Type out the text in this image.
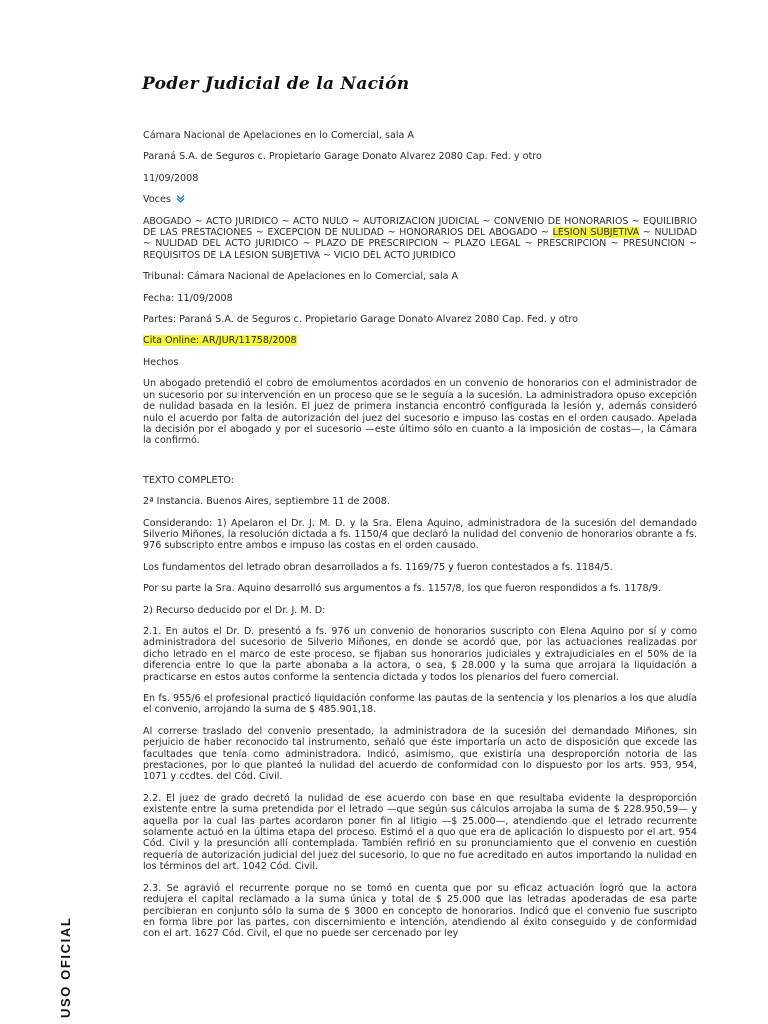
USO OFICIAL
Poder Judicial de la Nación

Cámara Nacional de Apelaciones en lo Comercial, sala A

Paraná S.A. de Seguros c. Propietario Garage Donato Alvarez 2080 Cap. Fed. y otro

11/09/2008

Voces

ABOGADO ~ ACTO JURIDICO ~ ACTO NULO ~ AUTORIZACION JUDICIAL ~ CONVENIO DE HONORARIOS ~ EQUILIBRIO DE LAS PRESTACIONES ~ EXCEPCION DE NULIDAD ~ HONORARIOS DEL ABOGADO ~ LESION SUBJETIVA ~ NULIDAD ~ NULIDAD DEL ACTO JURIDICO ~ PLAZO DE PRESCRIPCION ~ PLAZO LEGAL ~ PRESCRIPCION ~ PRESUNCION ~ REQUISITOS DE LA LESION SUBJETIVA ~ VICIO DEL ACTO JURIDICO

Tribunal: Cámara Nacional de Apelaciones en lo Comercial, sala A

Fecha: 11/09/2008

Partes: Paraná S.A. de Seguros c. Propietario Garage Donato Alvarez 2080 Cap. Fed. y otro

Cita Online: AR/JUR/11758/2008

Hechos

Un abogado pretendió el cobro de emolumentos acordados en un convenio de honorarios con el administrador de un sucesorio por su intervención en un proceso que se le seguía a la sucesión. La administradora opuso excepción de nulidad basada en la lesión. El juez de primera instancia encontró configurada la lesión y, además consideró nulo el acuerdo por falta de autorización del juez del sucesorio e impuso las costas en el orden causado. Apelada la decisión por el abogado y por el sucesorio —este último sólo en cuanto a la imposición de costas—, la Cámara la confirmó.

TEXTO COMPLETO:

2ª Instancia. Buenos Aires, septiembre 11 de 2008.

Considerando: 1) Apelaron el Dr. J. M. D. y la Sra. Elena Aquino, administradora de la sucesión del demandado Silverio Miñones, la resolución dictada a fs. 1150/4 que declaró la nulidad del convenio de honorarios obrante a fs. 976 subscripto entre ambos e impuso las costas en el orden causado.

Los fundamentos del letrado obran desarrollados a fs. 1169/75 y fueron contestados a fs. 1184/5.

Por su parte la Sra. Aquino desarrolló sus argumentos a fs. 1157/8, los que fueron respondidos a fs. 1178/9.

2) Recurso deducido por el Dr. J. M. D:

2.1. En autos el Dr. D. presentó a fs. 976 un convenio de honorarios suscripto con Elena Aquino por sí y como administradora del sucesorio de Silverio Miñones, en donde se acordó que, por las actuaciones realizadas por dicho letrado en el marco de este proceso, se fijaban sus honorarios judiciales y extrajudiciales en el 50% de la diferencia entre lo que la parte abonaba a la actora, o sea, $ 28.000 y la suma que arrojara la liquidación a practicarse en estos autos conforme la sentencia dictada y todos los plenarios del fuero comercial.

En fs. 955/6 el profesional practicó liquidación conforme las pautas de la sentencia y los plenarios a los que aludía el convenio, arrojando la suma de $ 485.901,18.

Al correrse traslado del convenio presentado, la administradora de la sucesión del demandado Miñones, sin perjuicio de haber reconocido tal instrumento, señaló que éste importaría un acto de disposición que excede las facultades que tenía como administradora. Indicó, asimismo, que existiría una desproporción notoria de las prestaciones, por lo que planteó la nulidad del acuerdo de conformidad con lo dispuesto por los arts. 953, 954, 1071 y ccdtes. del Cód. Civil.

2.2. El juez de grado decretó la nulidad de ese acuerdo con base en que resultaba evidente la desproporción existente entre la suma pretendida por el letrado —que según sus cálculos arrojaba la suma de $ 228.950,59— y aquella por la cual las partes acordaron poner fin al litigio —$ 25.000—, atendiendo que el letrado recurrente solamente actuó en la última etapa del proceso. Estimó el a quo que era de aplicación lo dispuesto por el art. 954 Cód. Civil y la presunción allí contemplada. También refirió en su pronunciamiento que el convenio en cuestión requería de autorización judicial del juez del sucesorio, lo que no fue acreditado en autos importando la nulidad en los términos del art. 1042 Cód. Civil.

2.3. Se agravió el recurrente porque no se tomó en cuenta que por su eficaz actuación logró que la actora redujera el capital reclamado a la suma única y total de $ 25.000 que las letradas apoderadas de esa parte percibieran en conjunto sólo la suma de $ 3000 en concepto de honorarios. Indicó que el convenio fue suscripto en forma libre por las partes, con discernimiento e intención, atendiendo al éxito conseguido y de conformidad con el art. 1627 Cód. Civil, el que no puede ser cercenado por ley
